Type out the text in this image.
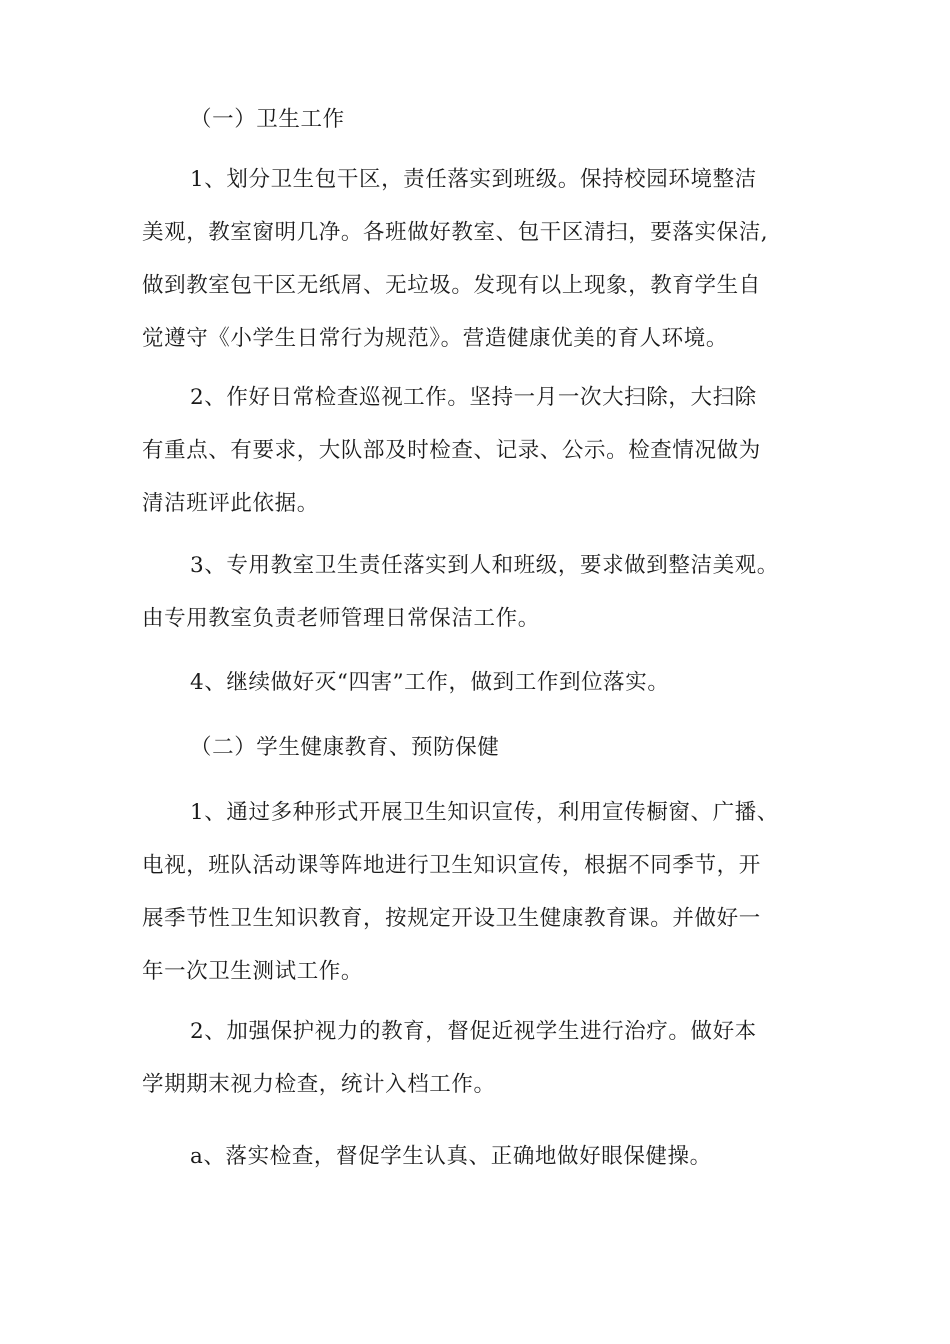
（一）卫生工作

1、划分卫生包干区，责任落实到班级。保持校园环境整洁
美观，教室窗明几净。各班做好教室、包干区清扫，要落实保洁,
做到教室包干区无纸屑、无垃圾。发现有以上现象，教育学生自
觉遵守《小学生日常行为规范》。营造健康优美的育人环境。

2、作好日常检查巡视工作。坚持一月一次大扫除，大扫除
有重点、有要求，大队部及时检查、记录、公示。检查情况做为
清洁班评此依据。

3、专用教室卫生责任落实到人和班级，要求做到整洁美观。
由专用教室负责老师管理日常保洁工作。

4、继续做好灭“四害”工作，做到工作到位落实。

（二）学生健康教育、预防保健

1、通过多种形式开展卫生知识宣传，利用宣传橱窗、广播、
电视，班队活动课等阵地进行卫生知识宣传，根据不同季节，开
展季节性卫生知识教育，按规定开设卫生健康教育课。并做好一
年一次卫生测试工作。

2、加强保护视力的教育，督促近视学生进行治疗。做好本
学期期末视力检查，统计入档工作。

a、落实检查，督促学生认真、正确地做好眼保健操。
